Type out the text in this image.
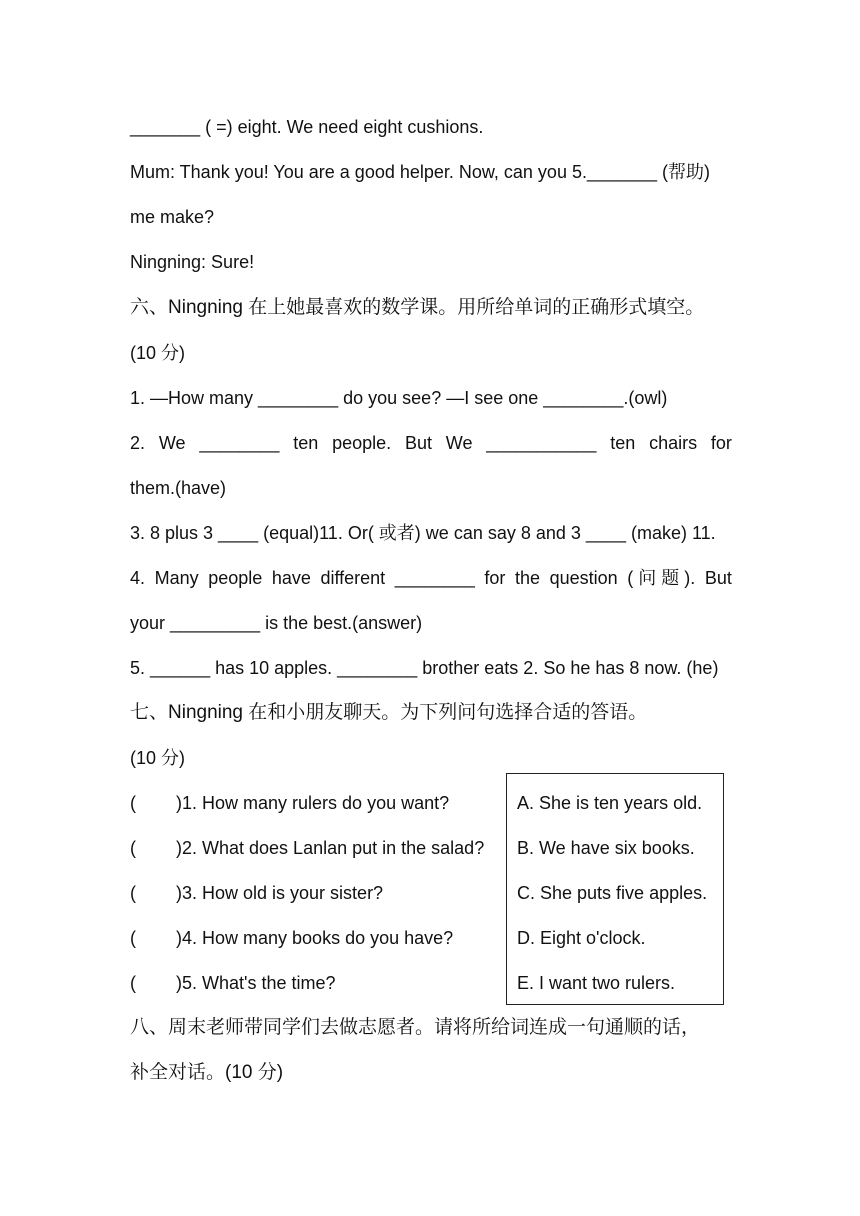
_______ ( =) eight. We need eight cushions.
Mum: Thank you! You are a good helper. Now, can you 5._______ (帮助)
me make?
Ningning: Sure!
六、Ningning 在上她最喜欢的数学课。用所给单词的正确形式填空。
(10 分)
1. —How many ________ do you see? —I see one ________.(owl)
2. We ________ ten people. But We ___________ ten chairs for
them.(have)
3. 8 plus 3 ____ (equal)11. Or( 或者) we can say 8 and 3 ____ (make) 11.
4. Many people have different ________ for the question ( 问 题 ). But
your _________ is the best.(answer)
5. ______ has 10 apples. ________ brother eats 2. So he has 8 now. (he)
七、Ningning 在和小朋友聊天。为下列问句选择合适的答语。
(10 分)
( )1. How many rulers do you want?
( )2. What does Lanlan put in the salad?
( )3. How old is your sister?
( )4. How many books do you have?
( )5. What's the time?
A. She is ten years old.
B. We have six books.
C. She puts five apples.
D. Eight o'clock.
E. I want two rulers.
八、周末老师带同学们去做志愿者。请将所给词连成一句通顺的话，
补全对话。(10 分)
